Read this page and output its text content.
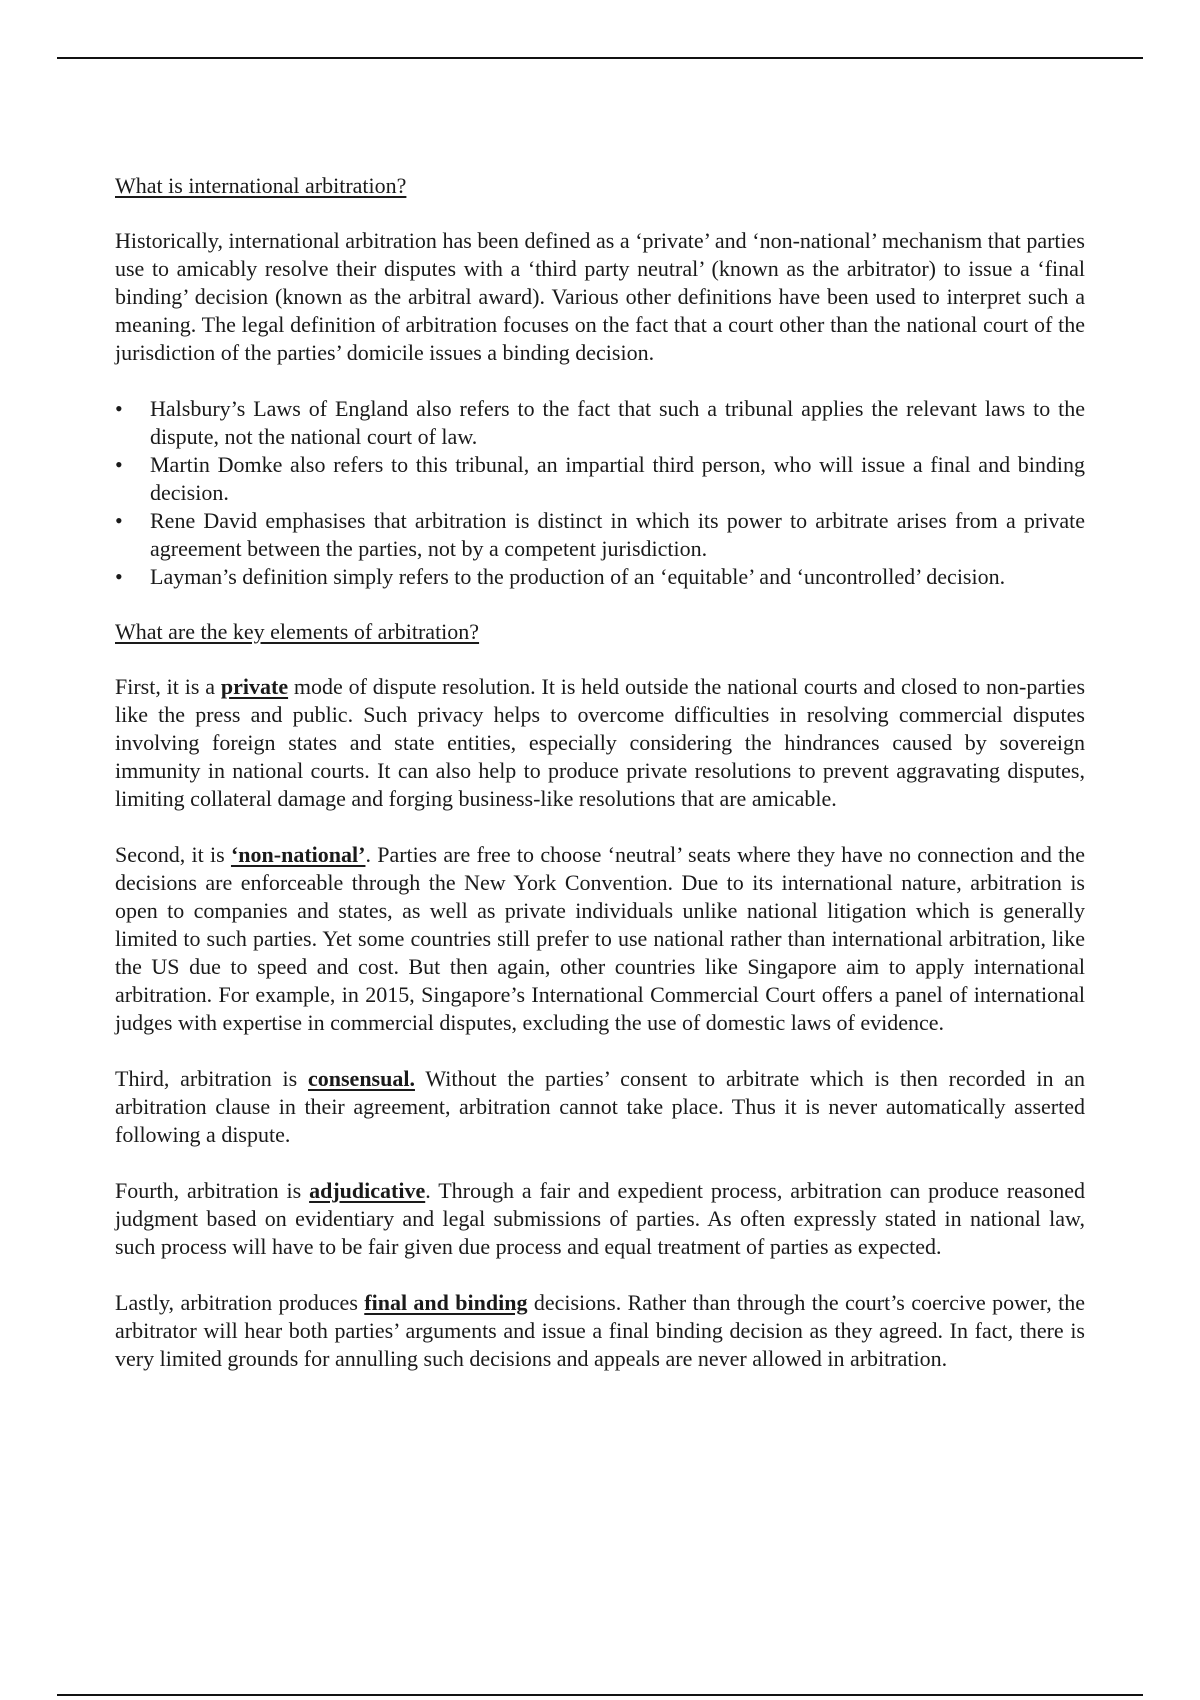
What is international arbitration?

Historically, international arbitration has been defined as a ‘private’ and ‘non-national’ mechanism that parties use to amicably resolve their disputes with a ‘third party neutral’ (known as the arbitrator) to issue a ‘final binding’ decision (known as the arbitral award). Various other definitions have been used to interpret such a meaning. The legal definition of arbitration focuses on the fact that a court other than the national court of the jurisdiction of the parties’ domicile issues a binding decision.

• Halsbury’s Laws of England also refers to the fact that such a tribunal applies the relevant laws to the dispute, not the national court of law.
• Martin Domke also refers to this tribunal, an impartial third person, who will issue a final and binding decision.
• Rene David emphasises that arbitration is distinct in which its power to arbitrate arises from a private agreement between the parties, not by a competent jurisdiction.
• Layman’s definition simply refers to the production of an ‘equitable’ and ‘uncontrolled’ decision.
What are the key elements of arbitration?

First, it is a private mode of dispute resolution. It is held outside the national courts and closed to non-parties like the press and public. Such privacy helps to overcome difficulties in resolving commercial disputes involving foreign states and state entities, especially considering the hindrances caused by sovereign immunity in national courts. It can also help to produce private resolutions to prevent aggravating disputes, limiting collateral damage and forging business-like resolutions that are amicable.

Second, it is ‘non-national’. Parties are free to choose ‘neutral’ seats where they have no connection and the decisions are enforceable through the New York Convention. Due to its international nature, arbitration is open to companies and states, as well as private individuals unlike national litigation which is generally limited to such parties. Yet some countries still prefer to use national rather than international arbitration, like the US due to speed and cost. But then again, other countries like Singapore aim to apply international arbitration. For example, in 2015, Singapore’s International Commercial Court offers a panel of international judges with expertise in commercial disputes, excluding the use of domestic laws of evidence.

Third, arbitration is consensual. Without the parties’ consent to arbitrate which is then recorded in an arbitration clause in their agreement, arbitration cannot take place. Thus it is never automatically asserted following a dispute.

Fourth, arbitration is adjudicative. Through a fair and expedient process, arbitration can produce reasoned judgment based on evidentiary and legal submissions of parties. As often expressly stated in national law, such process will have to be fair given due process and equal treatment of parties as expected.

Lastly, arbitration produces final and binding decisions. Rather than through the court’s coercive power, the arbitrator will hear both parties’ arguments and issue a final binding decision as they agreed. In fact, there is very limited grounds for annulling such decisions and appeals are never allowed in arbitration.
